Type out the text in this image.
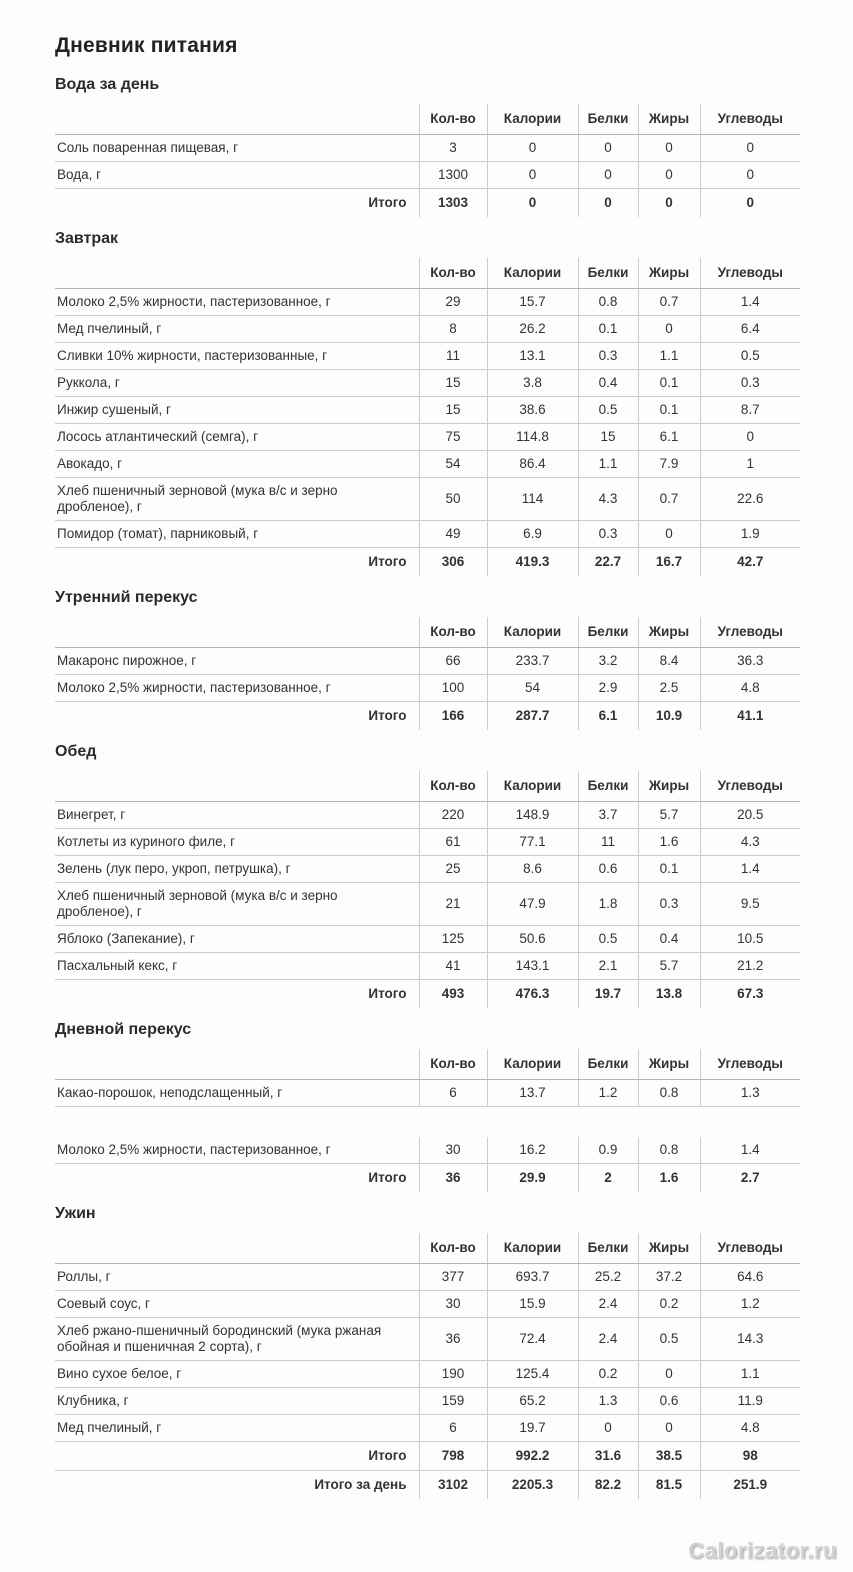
Дневник питания
Вода за день
	Кол-во	Калории	Белки	Жиры	Углеводы
Соль поваренная пищевая, г	3	0	0	0	0
Вода, г	1300	0	0	0	0
Итого	1303	0	0	0	0
Завтрак
	Кол-во	Калории	Белки	Жиры	Углеводы
Молоко 2,5% жирности, пастеризованное, г	29	15.7	0.8	0.7	1.4
Мед пчелиный, г	8	26.2	0.1	0	6.4
Сливки 10% жирности, пастеризованные, г	11	13.1	0.3	1.1	0.5
Руккола, г	15	3.8	0.4	0.1	0.3
Инжир сушеный, г	15	38.6	0.5	0.1	8.7
Лосось атлантический (семга), г	75	114.8	15	6.1	0
Авокадо, г	54	86.4	1.1	7.9	1
Хлеб пшеничный зерновой (мука в/с и зерно дробленое), г	50	114	4.3	0.7	22.6
Помидор (томат), парниковый, г	49	6.9	0.3	0	1.9
Итого	306	419.3	22.7	16.7	42.7
Утренний перекус
	Кол-во	Калории	Белки	Жиры	Углеводы
Макаронс пирожное, г	66	233.7	3.2	8.4	36.3
Молоко 2,5% жирности, пастеризованное, г	100	54	2.9	2.5	4.8
Итого	166	287.7	6.1	10.9	41.1
Обед
	Кол-во	Калории	Белки	Жиры	Углеводы
Винегрет, г	220	148.9	3.7	5.7	20.5
Котлеты из куриного филе, г	61	77.1	11	1.6	4.3
Зелень (лук перо, укроп, петрушка), г	25	8.6	0.6	0.1	1.4
Хлеб пшеничный зерновой (мука в/с и зерно дробленое), г	21	47.9	1.8	0.3	9.5
Яблоко (Запекание), г	125	50.6	0.5	0.4	10.5
Пасхальный кекс, г	41	143.1	2.1	5.7	21.2
Итого	493	476.3	19.7	13.8	67.3
Дневной перекус
	Кол-во	Калории	Белки	Жиры	Углеводы
Какао-порошок, неподслащенный, г	6	13.7	1.2	0.8	1.3
Молоко 2,5% жирности, пастеризованное, г	30	16.2	0.9	0.8	1.4
Итого	36	29.9	2	1.6	2.7
Ужин
	Кол-во	Калории	Белки	Жиры	Углеводы
Роллы, г	377	693.7	25.2	37.2	64.6
Соевый соус, г	30	15.9	2.4	0.2	1.2
Хлеб ржано-пшеничный бородинский (мука ржаная обойная и пшеничная 2 сорта), г	36	72.4	2.4	0.5	14.3
Вино сухое белое, г	190	125.4	0.2	0	1.1
Клубника, г	159	65.2	1.3	0.6	11.9
Мед пчелиный, г	6	19.7	0	0	4.8
Итого	798	992.2	31.6	38.5	98
Итого за день	3102	2205.3	82.2	81.5	251.9
Calorizator.ru
